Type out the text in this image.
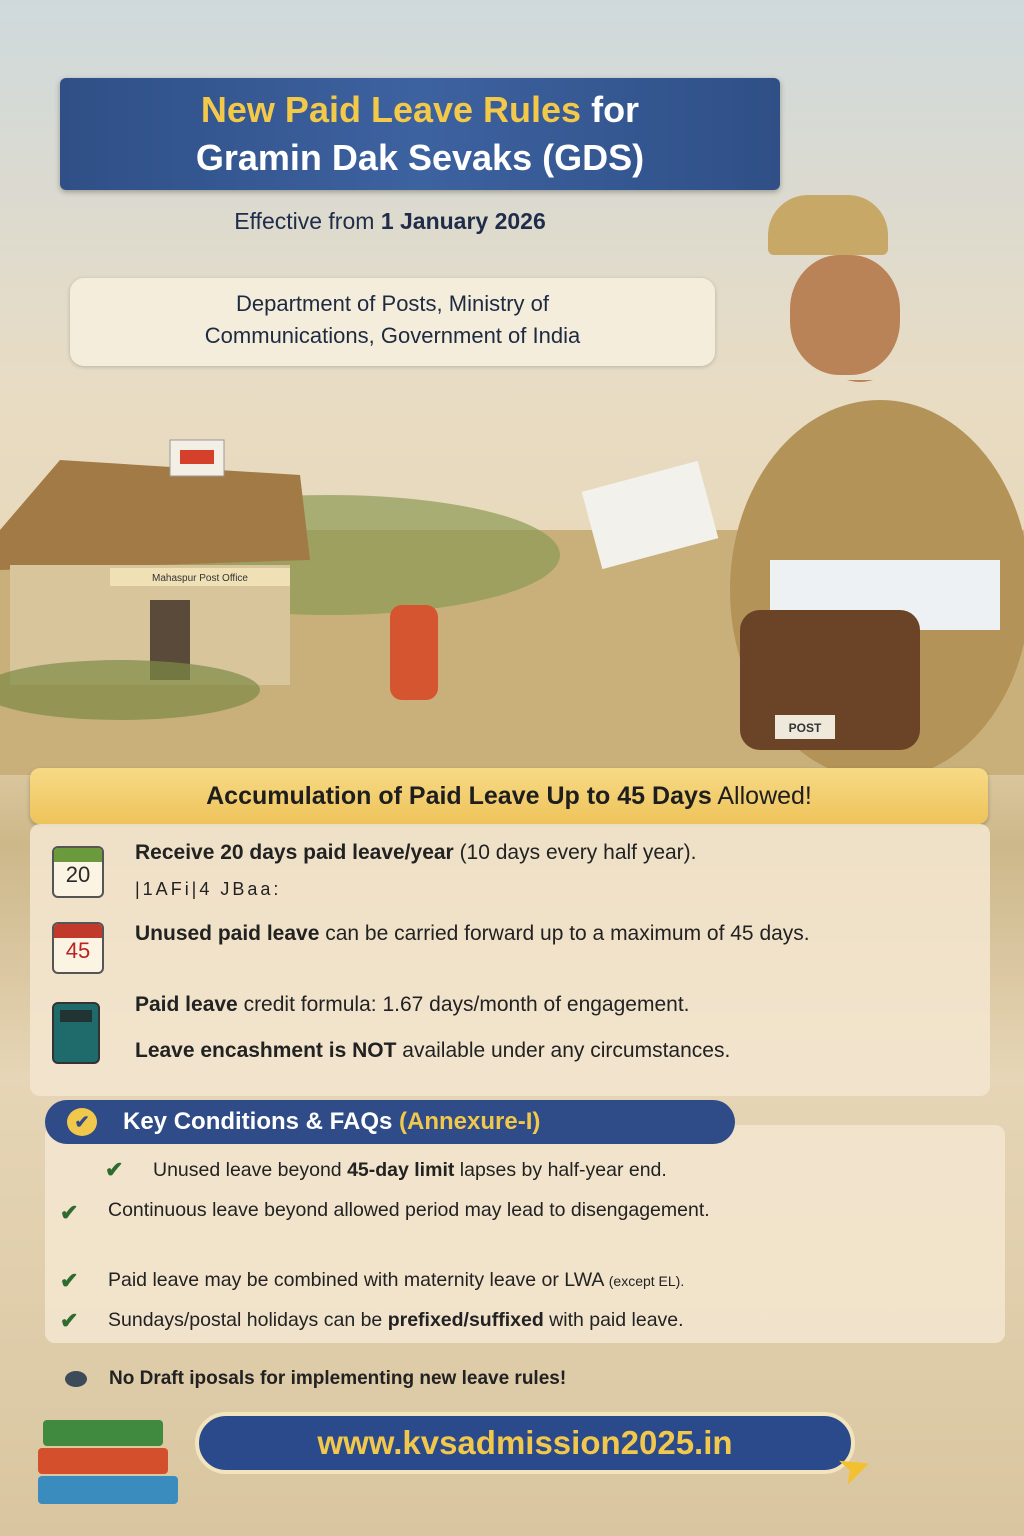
New Paid Leave Rules for
Gramin Dak Sevaks (GDS)
Effective from 1 January 2026
Department of Posts, Ministry of
Communications, Government of India
Mahaspur Post Office
POST
Accumulation of Paid Leave Up to 45 Days Allowed!
20
Receive 20 days paid leave/year (10 days every half year).
|1AFi|4 JBaa:
45
Unused paid leave can be carried forward up to a maximum of 45 days.
Paid leave credit formula: 1.67 days/month of engagement.
Leave encashment is NOT available under any circumstances.
✔ Unused leave beyond 45-day limit lapses by half-year end.
✔ Continuous leave beyond allowed period may lead to disengagement.
✔ Paid leave may be combined with maternity leave or LWA (except EL).
✔ Sundays/postal holidays can be prefixed/suffixed with paid leave.
✔	Key Conditions & FAQs (Annexure-I)
No Draft iposals for implementing new leave rules!
www.kvsadmission2025.in	➤
